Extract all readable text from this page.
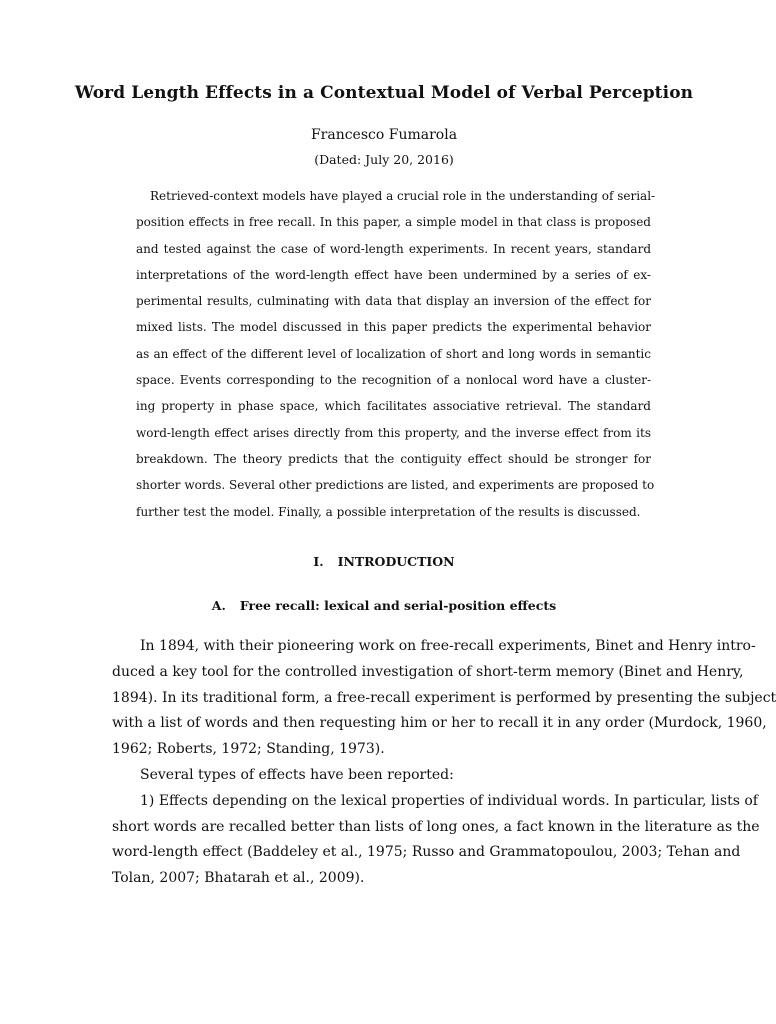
Word Length Effects in a Contextual Model of Verbal Perception
Francesco Fumarola
(Dated: July 20, 2016)
Retrieved-context models have played a crucial role in the understanding of serial-
position effects in free recall. In this paper, a simple model in that class is proposed
and tested against the case of word-length experiments. In recent years, standard
interpretations of the word-length effect have been undermined by a series of ex-
perimental results, culminating with data that display an inversion of the effect for
mixed lists. The model discussed in this paper predicts the experimental behavior
as an effect of the different level of localization of short and long words in semantic
space. Events corresponding to the recognition of a nonlocal word have a cluster-
ing property in phase space, which facilitates associative retrieval. The standard
word-length effect arises directly from this property, and the inverse effect from its
breakdown. The theory predicts that the contiguity effect should be stronger for
shorter words. Several other predictions are listed, and experiments are proposed to
further test the model. Finally, a possible interpretation of the results is discussed.
I. INTRODUCTION
A. Free recall: lexical and serial-position effects
In 1894, with their pioneering work on free-recall experiments, Binet and Henry intro-
duced a key tool for the controlled investigation of short-term memory (Binet and Henry,
1894). In its traditional form, a free-recall experiment is performed by presenting the subject
with a list of words and then requesting him or her to recall it in any order (Murdock, 1960,
1962; Roberts, 1972; Standing, 1973).
Several types of effects have been reported:
1) Effects depending on the lexical properties of individual words. In particular, lists of
short words are recalled better than lists of long ones, a fact known in the literature as the
word-length effect (Baddeley et al., 1975; Russo and Grammatopoulou, 2003; Tehan and
Tolan, 2007; Bhatarah et al., 2009).
